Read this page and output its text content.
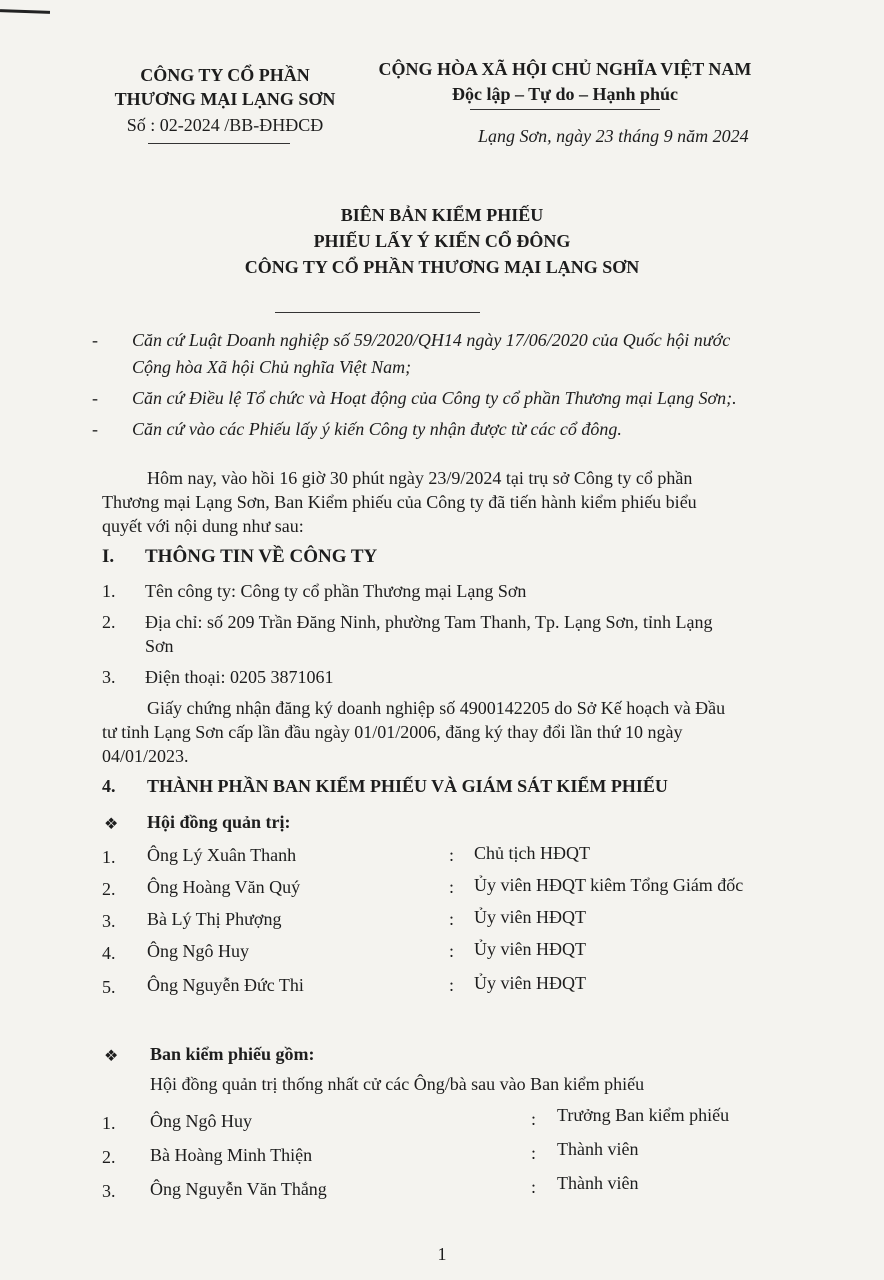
CÔNG TY CỔ PHẦN
THƯƠNG MẠI LẠNG SƠN
Số : 02-2024 /BB-ĐHĐCĐ
CỘNG HÒA XÃ HỘI CHỦ NGHĨA VIỆT NAM
Độc lập – Tự do – Hạnh phúc
Lạng Sơn, ngày 23 tháng 9 năm 2024
BIÊN BẢN KIỂM PHIẾU
PHIẾU LẤY Ý KIẾN CỔ ĐÔNG
CÔNG TY CỔ PHẦN THƯƠNG MẠI LẠNG SƠN
- Căn cứ Luật Doanh nghiệp số 59/2020/QH14 ngày 17/06/2020 của Quốc hội nước
Cộng hòa Xã hội Chủ nghĩa Việt Nam;
- Căn cứ Điều lệ Tổ chức và Hoạt động của Công ty cổ phần Thương mại Lạng Sơn;.
- Căn cứ vào các Phiếu lấy ý kiến Công ty nhận được từ các cổ đông.
Hôm nay, vào hồi 16 giờ 30 phút ngày 23/9/2024 tại trụ sở Công ty cổ phần
Thương mại Lạng Sơn, Ban Kiểm phiếu của Công ty đã tiến hành kiểm phiếu biểu
quyết với nội dung như sau:
I. THÔNG TIN VỀ CÔNG TY
1. Tên công ty: Công ty cổ phần Thương mại Lạng Sơn
2. Địa chỉ: số 209 Trần Đăng Ninh, phường Tam Thanh, Tp. Lạng Sơn, tỉnh Lạng
Sơn
3. Điện thoại: 0205 3871061
Giấy chứng nhận đăng ký doanh nghiệp số 4900142205 do Sở Kế hoạch và Đầu
tư tỉnh Lạng Sơn cấp lần đầu ngày 01/01/2006, đăng ký thay đổi lần thứ 10 ngày
04/01/2023.
4. THÀNH PHẦN BAN KIỂM PHIẾU VÀ GIÁM SÁT KIỂM PHIẾU
❖ Hội đồng quản trị:
1. Ông Lý Xuân Thanh	: Chủ tịch HĐQT
2. Ông Hoàng Văn Quý	: Ủy viên HĐQT kiêm Tổng Giám đốc
3. Bà Lý Thị Phượng	: Ủy viên HĐQT
4. Ông Ngô Huy	: Ủy viên HĐQT
5. Ông Nguyễn Đức Thi	: Ủy viên HĐQT
❖ Ban kiểm phiếu gồm:
Hội đồng quản trị thống nhất cử các Ông/bà sau vào Ban kiểm phiếu
1. Ông Ngô Huy	: Trưởng Ban kiểm phiếu
2. Bà Hoàng Minh Thiện	: Thành viên
3. Ông Nguyễn Văn Thắng	: Thành viên
1
